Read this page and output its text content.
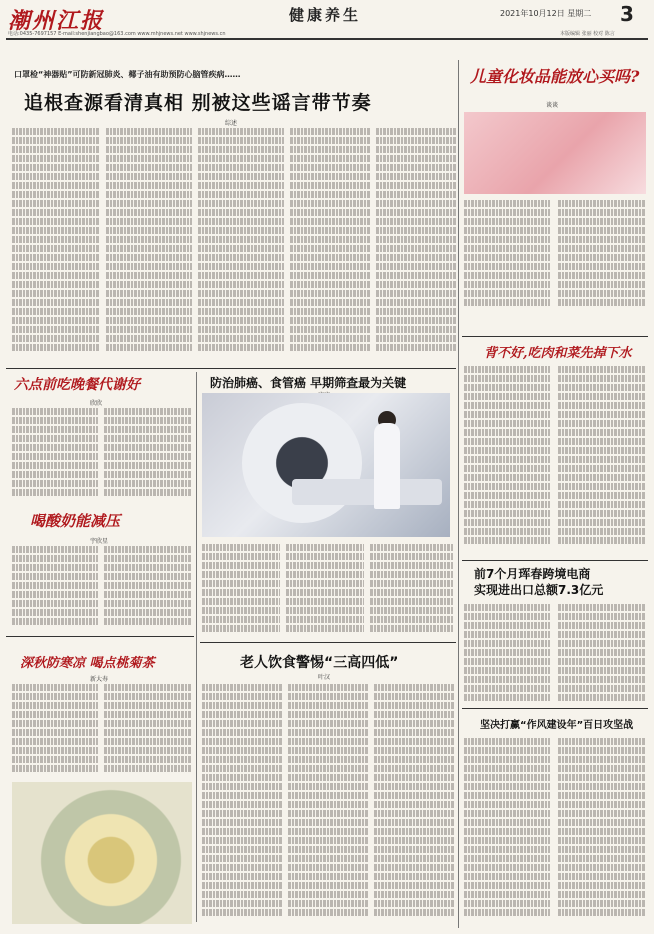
潮州江报	健康养生	2021年10月12日 星期二 3
电话:0435-7697157 E-mail:shenjiangbao@163.com www.mhjnews.net www.shjnews.cn	本版编辑 张丽 校对 陈言
口罩检“神器贴”可防新冠肺炎、椰子油有助预防心脑管疾病……
追根查源看清真相 别被这些谣言带节奏
综述
儿童化妆品能放心买吗?
谈谈
背不好,吃肉和菜先掉下水
前7个月珲春跨境电商
实现进出口总额7.3亿元
坚决打赢“作风建设年”百日攻坚战
六点前吃晚餐代谢好
欣欣
喝酸奶能减压
宇欣星
深秋防寒凉 喝点桃菊茶
新大寿
防治肺癌、食管癌 早期筛查最为关键
老人饮食警惕“三高四低”
叶汉
